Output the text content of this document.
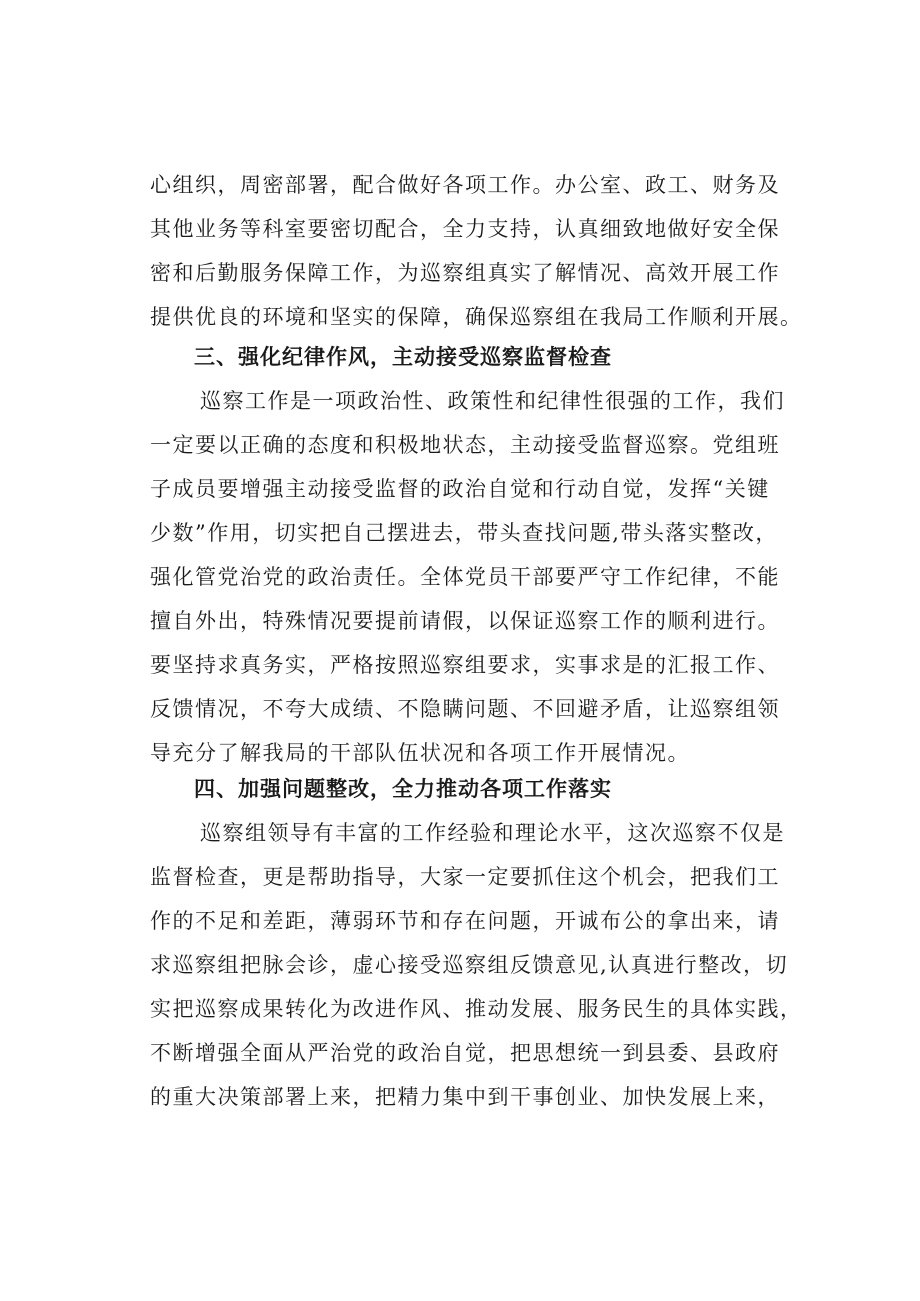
心组织，周密部署，配合做好各项工作。办公室、政工、财务及
其他业务等科室要密切配合，全力支持，认真细致地做好安全保
密和后勤服务保障工作，为巡察组真实了解情况、高效开展工作
提供优良的环境和坚实的保障，确保巡察组在我局工作顺利开展。
三、强化纪律作风，主动接受巡察监督检查
巡察工作是一项政治性、政策性和纪律性很强的工作，我们
一定要以正确的态度和积极地状态，主动接受监督巡察。党组班
子成员要增强主动接受监督的政治自觉和行动自觉，发挥“关键
少数”作用，切实把自己摆进去，带头查找问题,带头落实整改，
强化管党治党的政治责任。全体党员干部要严守工作纪律，不能
擅自外出，特殊情况要提前请假，以保证巡察工作的顺利进行。
要坚持求真务实，严格按照巡察组要求，实事求是的汇报工作、
反馈情况，不夸大成绩、不隐瞒问题、不回避矛盾，让巡察组领
导充分了解我局的干部队伍状况和各项工作开展情况。
四、加强问题整改，全力推动各项工作落实
巡察组领导有丰富的工作经验和理论水平，这次巡察不仅是
监督检查，更是帮助指导，大家一定要抓住这个机会，把我们工
作的不足和差距，薄弱环节和存在问题，开诚布公的拿出来，请
求巡察组把脉会诊，虚心接受巡察组反馈意见,认真进行整改，切
实把巡察成果转化为改进作风、推动发展、服务民生的具体实践，
不断增强全面从严治党的政治自觉，把思想统一到县委、县政府
的重大决策部署上来，把精力集中到干事创业、加快发展上来，
